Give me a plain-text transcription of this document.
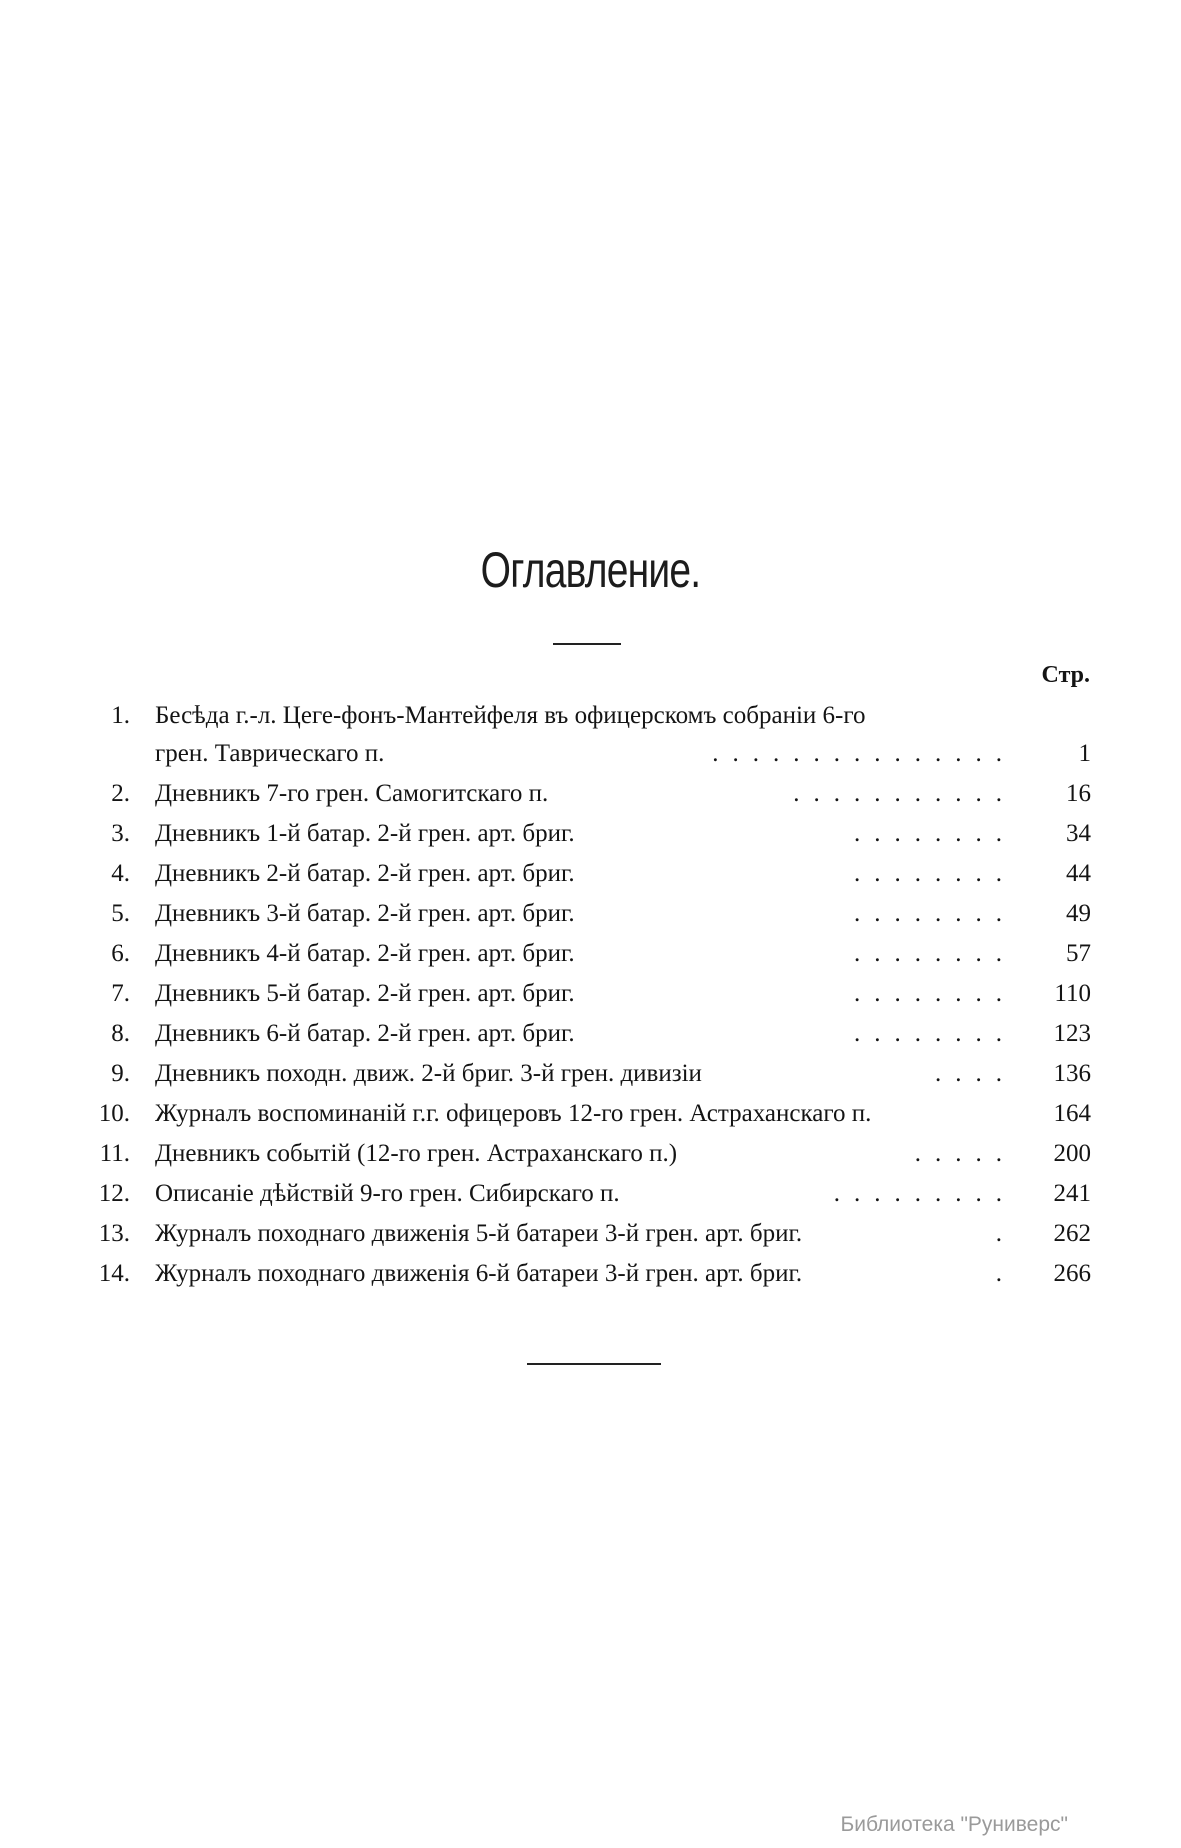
Оглавление.
Стр.
1. Бесѣда г.-л. Цеге-фонъ-Мантейфеля въ офицерскомъ собраніи 6-го
грен. Таврическаго п.	...............	1
2. Дневникъ 7-го грен. Самогитскаго п.	...........	16
3. Дневникъ 1-й батар. 2-й грен. арт. бриг.	........	34
4. Дневникъ 2-й батар. 2-й грен. арт. бриг.	........	44
5. Дневникъ 3-й батар. 2-й грен. арт. бриг.	........	49
6. Дневникъ 4-й батар. 2-й грен. арт. бриг.	........	57
7. Дневникъ 5-й батар. 2-й грен. арт. бриг.	........	110
8. Дневникъ 6-й батар. 2-й грен. арт. бриг.	........	123
9. Дневникъ походн. движ. 2-й бриг. 3-й грен. дивизіи	....	136
10. Журналъ воспоминаній г.г. офицеровъ 12-го грен. Астраханскаго п.	164
11. Дневникъ событій (12-го грен. Астраханскаго п.)	.....	200
12. Описаніе дѣйствій 9-го грен. Сибирскаго п.	.........	241
13. Журналъ походнаго движенія 5-й батареи 3-й грен. арт. бриг.	.	262
14. Журналъ походнаго движенія 6-й батареи 3-й грен. арт. бриг.	.	266
Библиотека "Руниверс"
